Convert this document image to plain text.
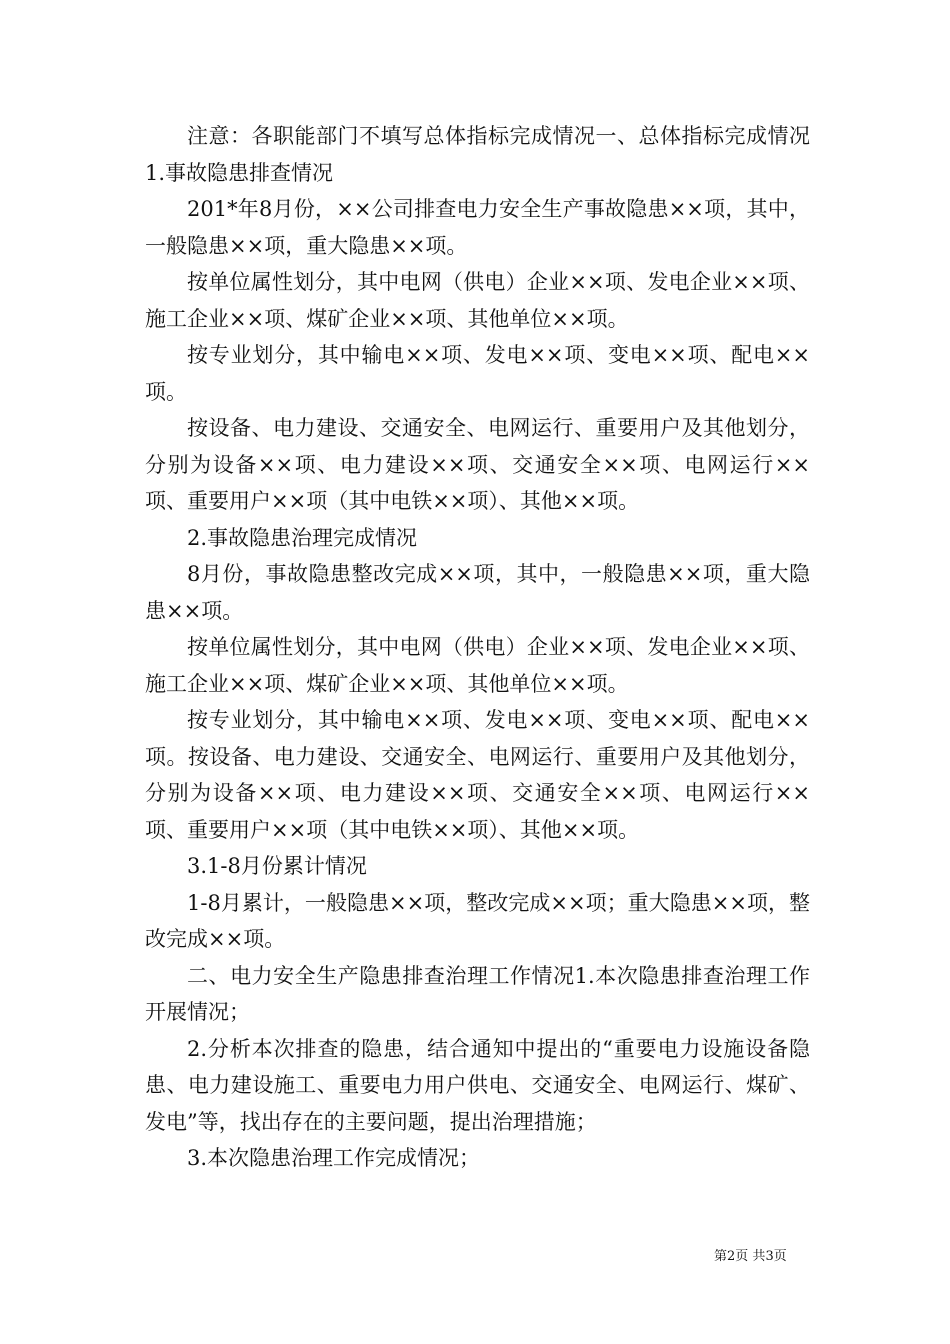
注意：各职能部门不填写总体指标完成情况一、总体指标完成情况1.事故隐患排查情况

201*年8月份，××公司排查电力安全生产事故隐患××项，其中，一般隐患××项，重大隐患××项。

按单位属性划分，其中电网（供电）企业××项、发电企业××项、施工企业××项、煤矿企业××项、其他单位××项。

按专业划分，其中输电××项、发电××项、变电××项、配电××项。

按设备、电力建设、交通安全、电网运行、重要用户及其他划分，分别为设备××项、电力建设××项、交通安全××项、电网运行××项、重要用户××项（其中电铁××项）、其他××项。

2.事故隐患治理完成情况

8月份，事故隐患整改完成××项，其中，一般隐患××项，重大隐患××项。

按单位属性划分，其中电网（供电）企业××项、发电企业××项、施工企业××项、煤矿企业××项、其他单位××项。

按专业划分，其中输电××项、发电××项、变电××项、配电××项。按设备、电力建设、交通安全、电网运行、重要用户及其他划分，分别为设备××项、电力建设××项、交通安全××项、电网运行××项、重要用户××项（其中电铁××项）、其他××项。

3.1-8月份累计情况

1-8月累计，一般隐患××项，整改完成××项；重大隐患××项，整改完成××项。

二、电力安全生产隐患排查治理工作情况1.本次隐患排查治理工作开展情况；

2.分析本次排查的隐患，结合通知中提出的“重要电力设施设备隐患、电力建设施工、重要电力用户供电、交通安全、电网运行、煤矿、发电”等，找出存在的主要问题，提出治理措施；

3.本次隐患治理工作完成情况；

第2页 共3页
